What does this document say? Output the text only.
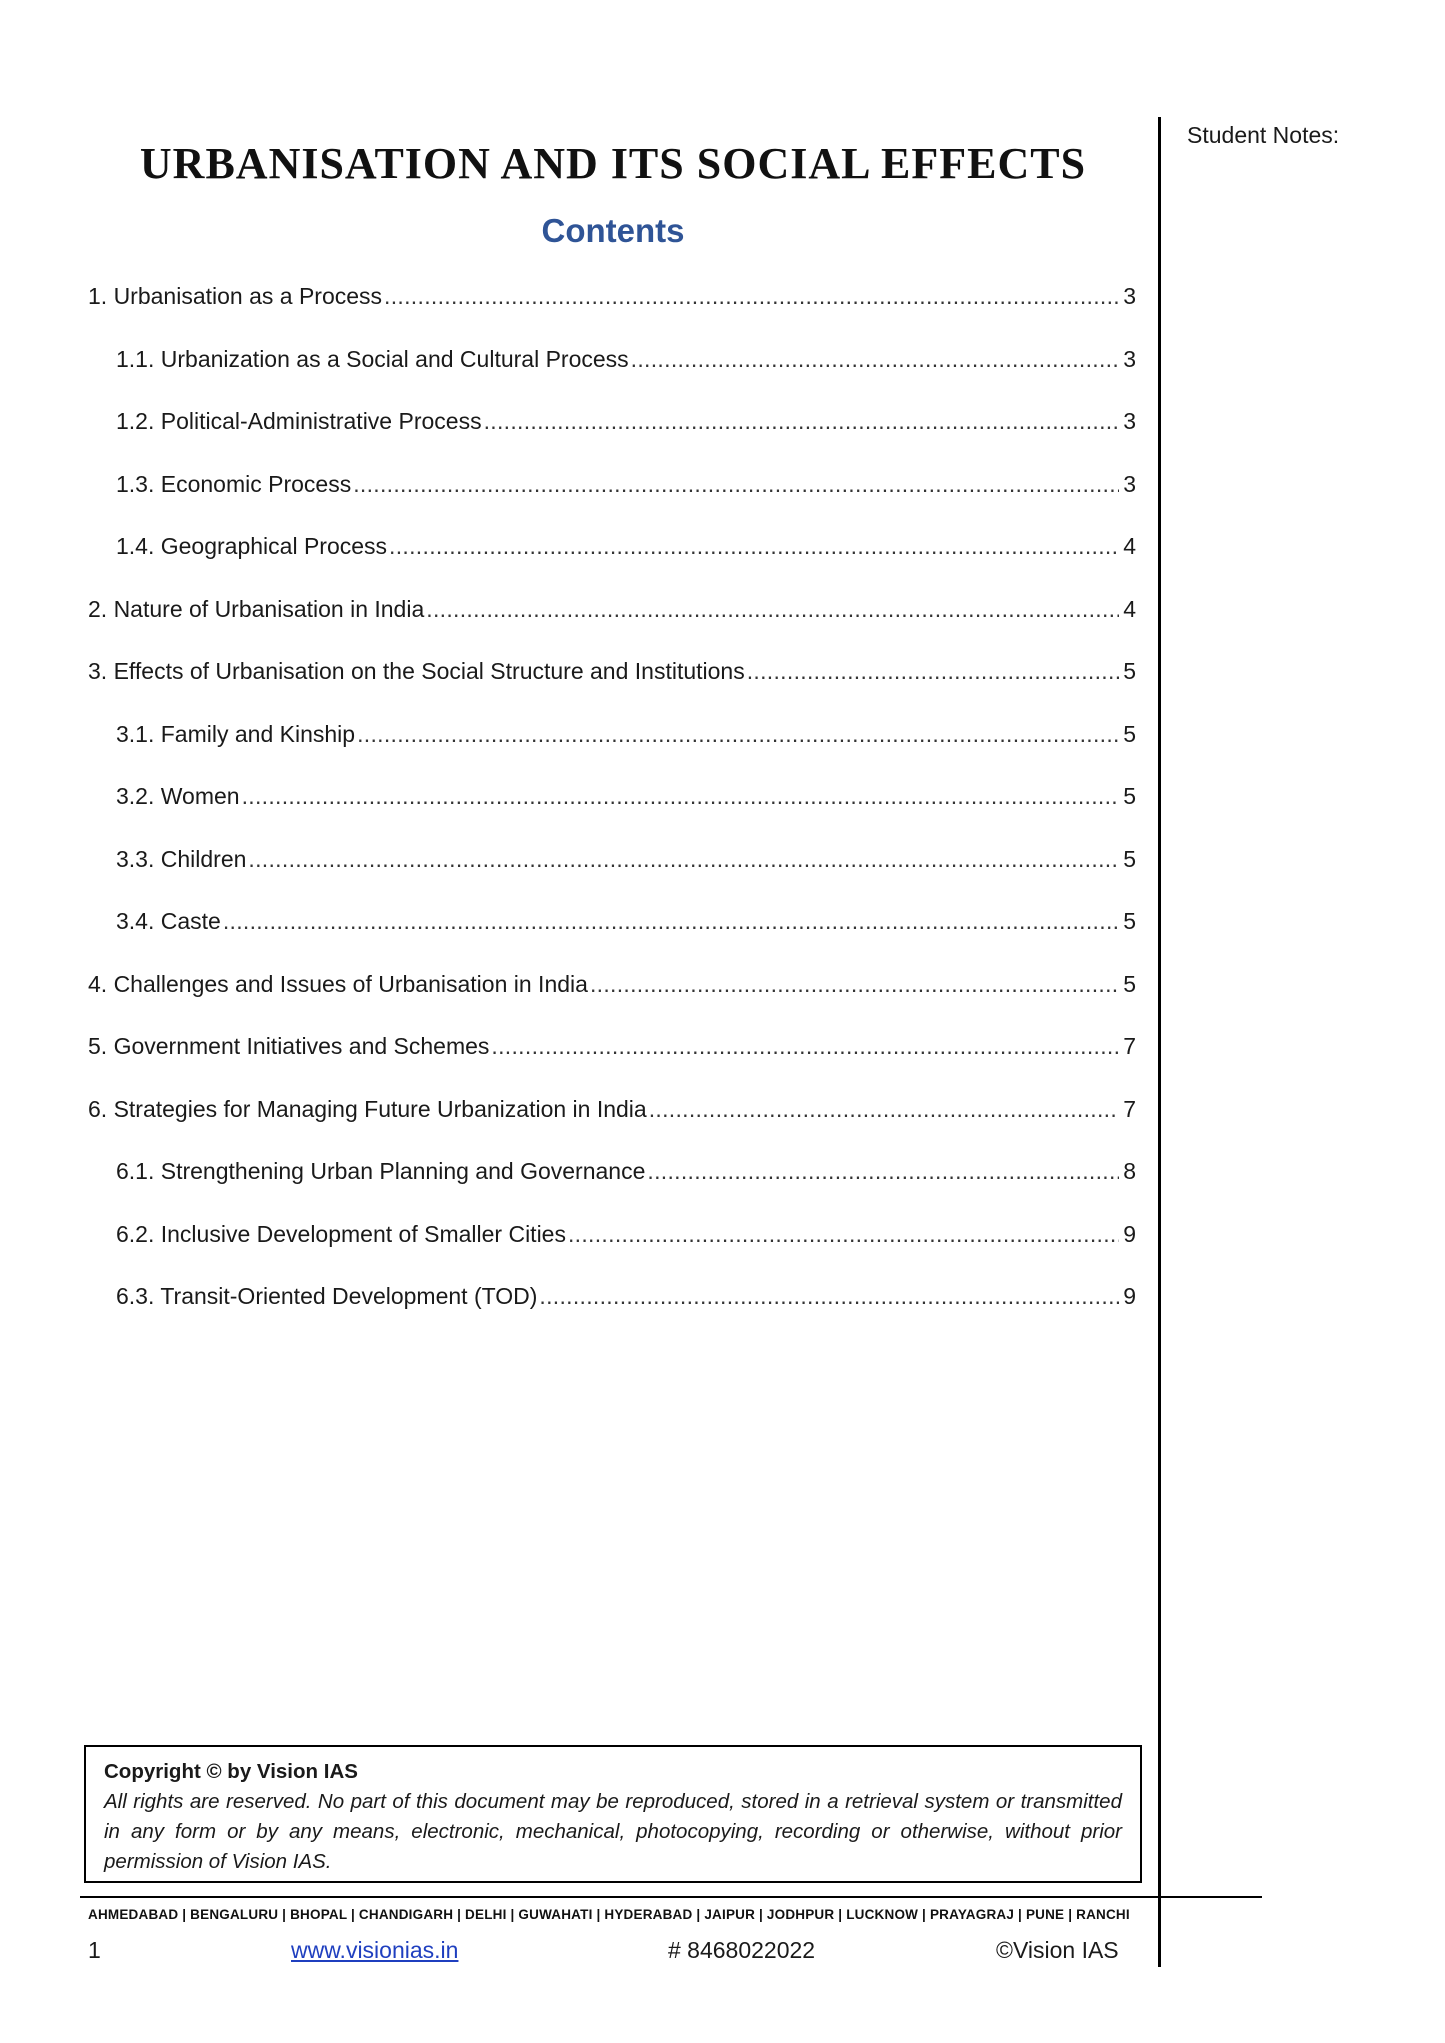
URBANISATION AND ITS SOCIAL EFFECTS
Contents
1. Urbanisation as a Process .....	3
1.1. Urbanization as a Social and Cultural Process .....	3
1.2. Political-Administrative Process .....	3
1.3. Economic Process .....	3
1.4. Geographical Process .....	4
2. Nature of Urbanisation in India .....	4
3. Effects of Urbanisation on the Social Structure and Institutions .....	5
3.1. Family and Kinship .....	5
3.2. Women .....	5
3.3. Children .....	5
3.4. Caste .....	5
4. Challenges and Issues of Urbanisation in India .....	5
5. Government Initiatives and Schemes .....	7
6. Strategies for Managing Future Urbanization in India .....	7
6.1. Strengthening Urban Planning and Governance .....	8
6.2. Inclusive Development of Smaller Cities .....	9
6.3. Transit-Oriented Development (TOD) .....	9
Student Notes:
Copyright © by Vision IAS
All rights are reserved. No part of this document may be reproduced, stored in a retrieval system or transmitted in any form or by any means, electronic, mechanical, photocopying, recording or otherwise, without prior permission of Vision IAS.
AHMEDABAD | BENGALURU | BHOPAL | CHANDIGARH | DELHI | GUWAHATI | HYDERABAD | JAIPUR | JODHPUR | LUCKNOW | PRAYAGRAJ | PUNE | RANCHI
1	www.visionias.in	# 8468022022	©Vision IAS
